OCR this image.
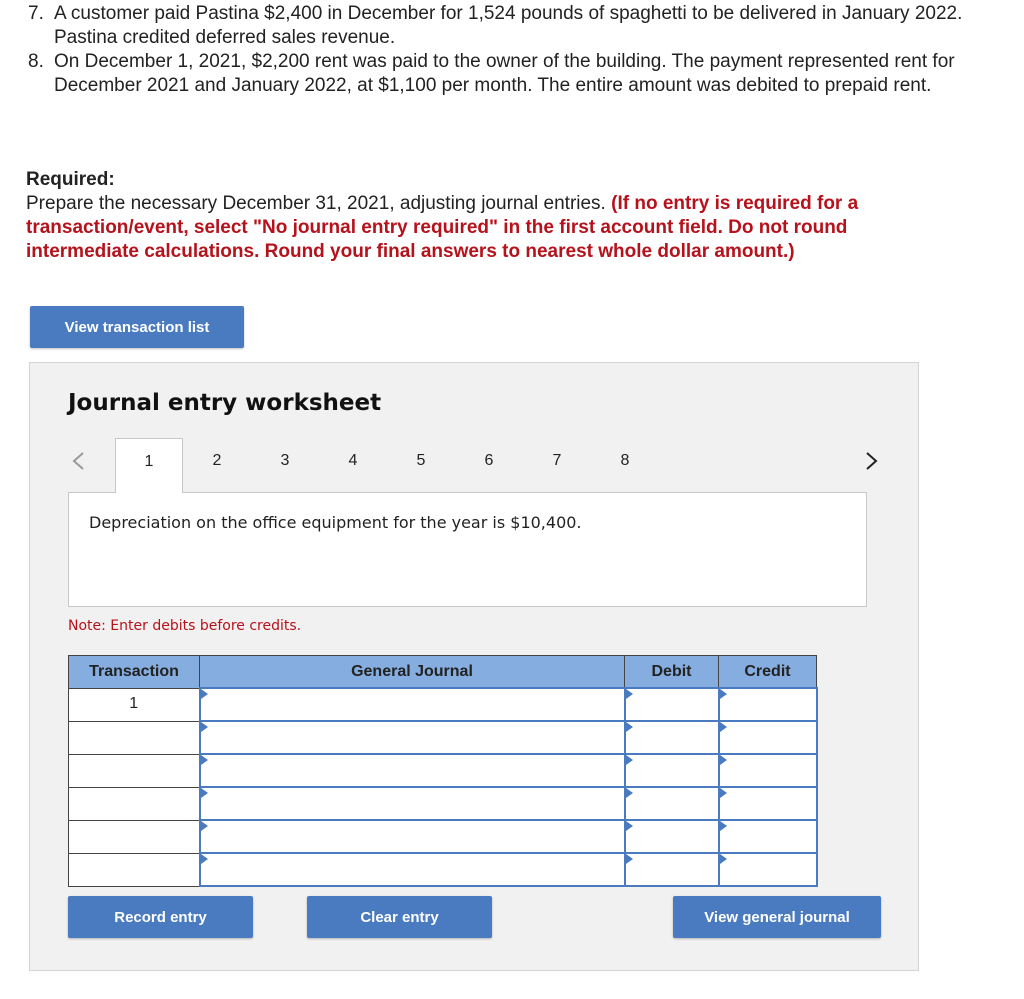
7. A customer paid Pastina $2,400 in December for 1,524 pounds of spaghetti to be delivered in January 2022. Pastina credited deferred sales revenue.
8. On December 1, 2021, $2,200 rent was paid to the owner of the building. The payment represented rent for December 2021 and January 2022, at $1,100 per month. The entire amount was debited to prepaid rent.
Required:
Prepare the necessary December 31, 2021, adjusting journal entries. (If no entry is required for a transaction/event, select "No journal entry required" in the first account field. Do not round intermediate calculations. Round your final answers to nearest whole dollar amount.)
View transaction list
Journal entry worksheet
1	2	3	4	5	6	7	8
Depreciation on the office equipment for the year is $10,400.
Note: Enter debits before credits.
Transaction	General Journal	Debit	Credit
1	

Record entry	Clear entry	View general journal
